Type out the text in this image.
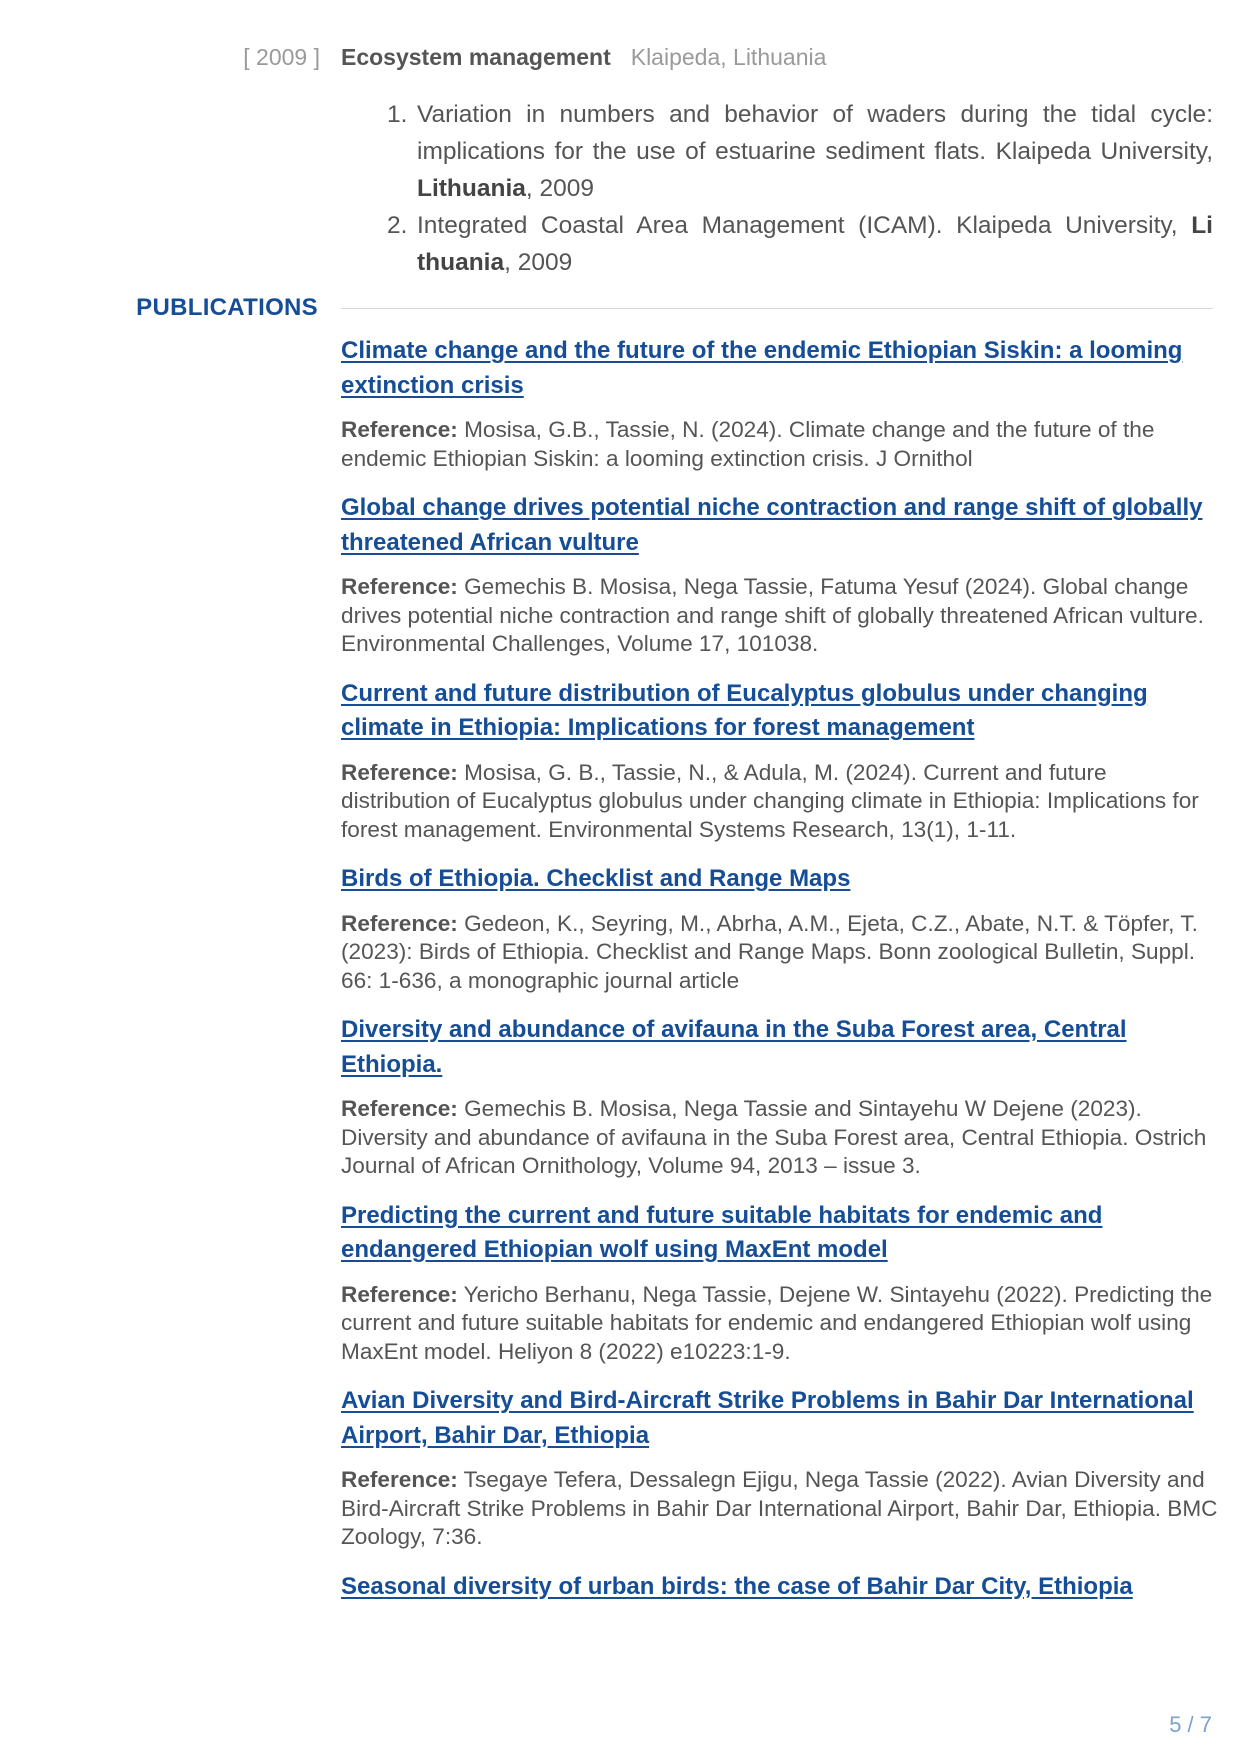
[ 2009 ] Ecosystem management Klaipeda, Lithuania
1. Variation in numbers and behavior of waders during the tidal cycle: implications for the use of estuarine sediment flats. Klaipeda University, Lithuania, 2009
2. Integrated Coastal Area Management (ICAM). Klaipeda University, Li thuania, 2009
PUBLICATIONS
Climate change and the future of the endemic Ethiopian Siskin: a looming extinction crisis
Reference: Mosisa, G.B., Tassie, N. (2024). Climate change and the future of the endemic Ethiopian Siskin: a looming extinction crisis. J Ornithol
Global change drives potential niche contraction and range shift of globally threatened African vulture
Reference: Gemechis B. Mosisa, Nega Tassie, Fatuma Yesuf (2024). Global change drives potential niche contraction and range shift of globally threatened African vulture. Environmental Challenges, Volume 17, 101038.
Current and future distribution of Eucalyptus globulus under changing climate in Ethiopia: Implications for forest management
Reference: Mosisa, G. B., Tassie, N., & Adula, M. (2024). Current and future distribution of Eucalyptus globulus under changing climate in Ethiopia: Implications for forest management. Environmental Systems Research, 13(1), 1-11.
Birds of Ethiopia. Checklist and Range Maps
Reference: Gedeon, K., Seyring, M., Abrha, A.M., Ejeta, C.Z., Abate, N.T. & Töpfer, T. (2023): Birds of Ethiopia. Checklist and Range Maps. Bonn zoological Bulletin, Suppl. 66: 1-636, a monographic journal article
Diversity and abundance of avifauna in the Suba Forest area, Central Ethiopia.
Reference: Gemechis B. Mosisa, Nega Tassie and Sintayehu W Dejene (2023). Diversity and abundance of avifauna in the Suba Forest area, Central Ethiopia. Ostrich Journal of African Ornithology, Volume 94, 2013 – issue 3.
Predicting the current and future suitable habitats for endemic and endangered Ethiopian wolf using MaxEnt model
Reference: Yericho Berhanu, Nega Tassie, Dejene W. Sintayehu (2022). Predicting the current and future suitable habitats for endemic and endangered Ethiopian wolf using MaxEnt model. Heliyon 8 (2022) e10223:1-9.
Avian Diversity and Bird-Aircraft Strike Problems in Bahir Dar International Airport, Bahir Dar, Ethiopia
Reference: Tsegaye Tefera, Dessalegn Ejigu, Nega Tassie (2022). Avian Diversity and Bird-Aircraft Strike Problems in Bahir Dar International Airport, Bahir Dar, Ethiopia. BMC Zoology, 7:36.
Seasonal diversity of urban birds: the case of Bahir Dar City, Ethiopia
5 / 7
